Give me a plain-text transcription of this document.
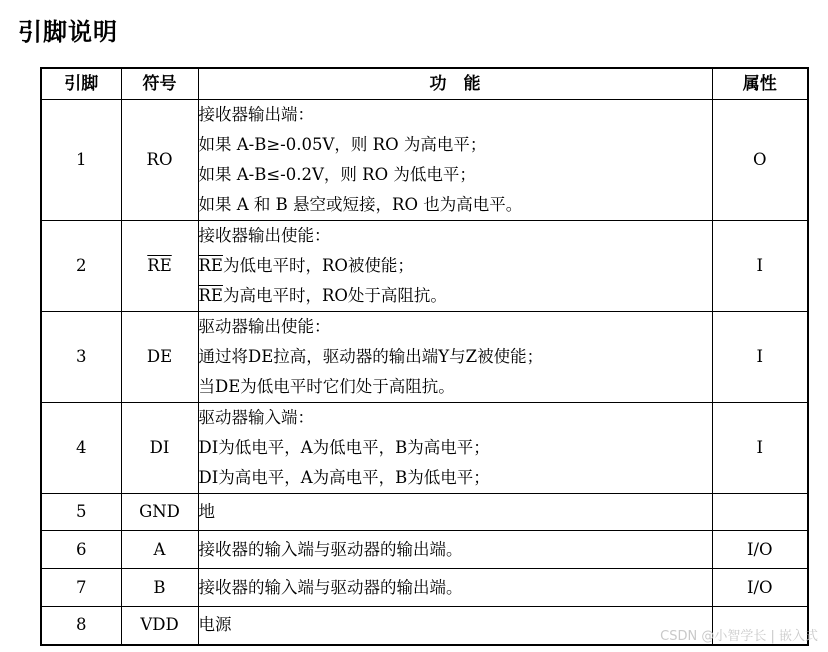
引脚说明
引脚	符号	功　能	属性
1	RO	接收器输出端：
如果 A-B≥-0.05V，则 RO 为高电平；
如果 A-B≤-0.2V，则 RO 为低电平；
如果 A 和 B 悬空或短接，RO 也为高电平。	O
2	$\overline{RE}$	接收器输出使能：
$\overline{RE}$为低电平时，RO被使能；
$\overline{RE}$为高电平时，RO处于高阻抗。	I
3	DE	驱动器输出使能：
通过将DE拉高，驱动器的输出端Y与Z被使能；
当DE为低电平时它们处于高阻抗。	I
4	DI	驱动器输入端：
DI为低电平，A为低电平，B为高电平；
DI为高电平，A为高电平，B为低电平；	I
5	GND	地	

6	A	接收器的输入端与驱动器的输出端。	I/O
7	B	接收器的输入端与驱动器的输出端。	I/O
8	VDD	电源	

CSDN @小智学长 | 嵌入式
